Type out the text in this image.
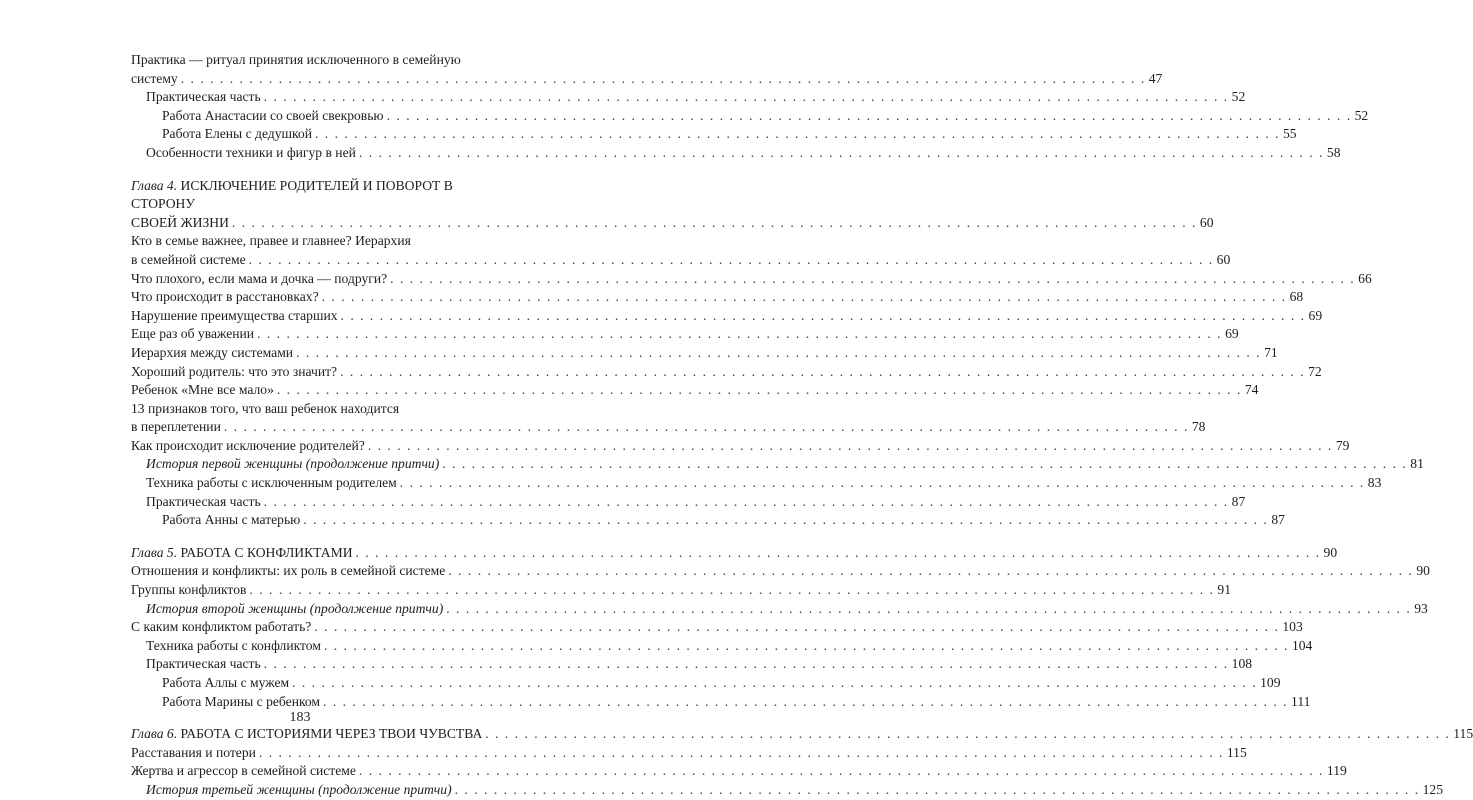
Практика — ритуал принятия исключенного в семейную
систему . . .	47
Практическая часть . . .	52
Работа Анастасии со своей свекровью . . .	52
Работа Елены с дедушкой . . .	55
Особенности техники и фигур в ней . . .	58
Глава 4. ИСКЛЮЧЕНИЕ РОДИТЕЛЕЙ И ПОВОРОТ В СТОРОНУ
СВОЕЙ ЖИЗНИ . . .	60
Кто в семье важнее, правее и главнее? Иерархия
в семейной системе . . .	60
Что плохого, если мама и дочка — подруги? . . .	66
Что происходит в расстановках? . . .	68
Нарушение преимущества старших . . .	69
Еще раз об уважении . . .	69
Иерархия между системами . . .	71
Хороший родитель: что это значит? . . .	72
Ребенок «Мне все мало» . . .	74
13 признаков того, что ваш ребенок находится
в переплетении . . .	78
Как происходит исключение родителей? . . .	79
История первой женщины (продолжение притчи) . . .	81
Техника работы с исключенным родителем . . .	83
Практическая часть . . .	87
Работа Анны с матерью . . .	87
Глава 5. РАБОТА С КОНФЛИКТАМИ . . .	90
Отношения и конфликты: их роль в семейной системе . . .	90
Группы конфликтов . . .	91
История второй женщины (продолжение притчи) . . .	93
С каким конфликтом работать? . . .	103
Техника работы с конфликтом . . .	104
Практическая часть . . .	108
Работа Аллы с мужем . . .	109
Работа Марины с ребенком . . .	111
Глава 6. РАБОТА С ИСТОРИЯМИ ЧЕРЕЗ ТВОИ ЧУВСТВА . . .	115
Расставания и потери . . .	115
Жертва и агрессор в семейной системе . . .	119
История третьей женщины (продолжение притчи) . . .	125
183
